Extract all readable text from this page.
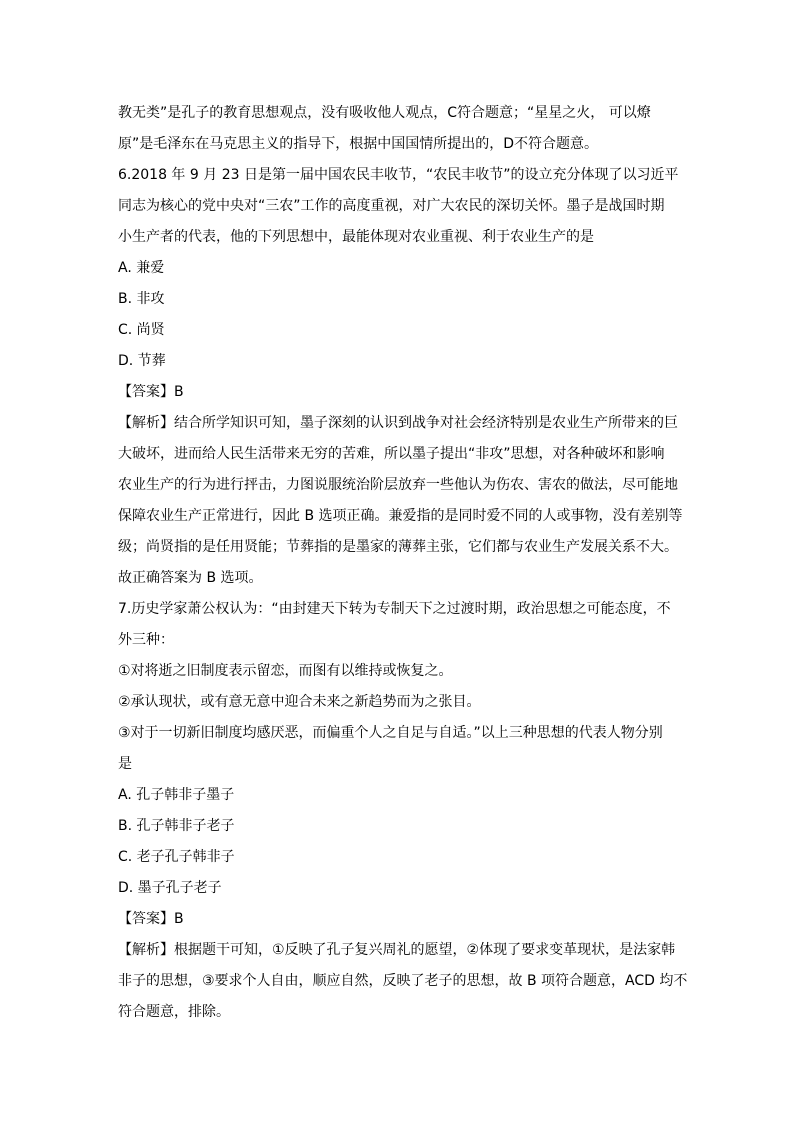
教无类”是孔子的教育思想观点，没有吸收他人观点，C符合题意；“星星之火， 可以燎
原”是毛泽东在马克思主义的指导下，根据中国国情所提出的，D不符合题意。
6.2018 年 9 月 23 日是第一届中国农民丰收节，“农民丰收节”的设立充分体现了以习近平
同志为核心的党中央对“三农”工作的高度重视，对广大农民的深切关怀。墨子是战国时期
小生产者的代表，他的下列思想中，最能体现对农业重视、利于农业生产的是
A. 兼爱
B. 非攻
C. 尚贤
D. 节葬
【答案】B
【解析】结合所学知识可知，墨子深刻的认识到战争对社会经济特别是农业生产所带来的巨
大破坏，进而给人民生活带来无穷的苦难，所以墨子提出“非攻”思想，对各种破坏和影响
农业生产的行为进行抨击，力图说服统治阶层放弃一些他认为伤农、害农的做法，尽可能地
保障农业生产正常进行，因此 B 选项正确。兼爱指的是同时爱不同的人或事物，没有差别等
级；尚贤指的是任用贤能；节葬指的是墨家的薄葬主张，它们都与农业生产发展关系不大。
故正确答案为 B 选项。
7.历史学家萧公权认为：“由封建天下转为专制天下之过渡时期，政治思想之可能态度，不
外三种：
①对将逝之旧制度表示留恋，而图有以维持或恢复之。
②承认现状，或有意无意中迎合未来之新趋势而为之张目。
③对于一切新旧制度均感厌恶，而偏重个人之自足与自适。”以上三种思想的代表人物分别
是
A. 孔子韩非子墨子
B. 孔子韩非子老子
C. 老子孔子韩非子
D. 墨子孔子老子
【答案】B
【解析】根据题干可知，①反映了孔子复兴周礼的愿望，②体现了要求变革现状，是法家韩
非子的思想，③要求个人自由，顺应自然，反映了老子的思想，故 B 项符合题意，ACD 均不
符合题意，排除。
